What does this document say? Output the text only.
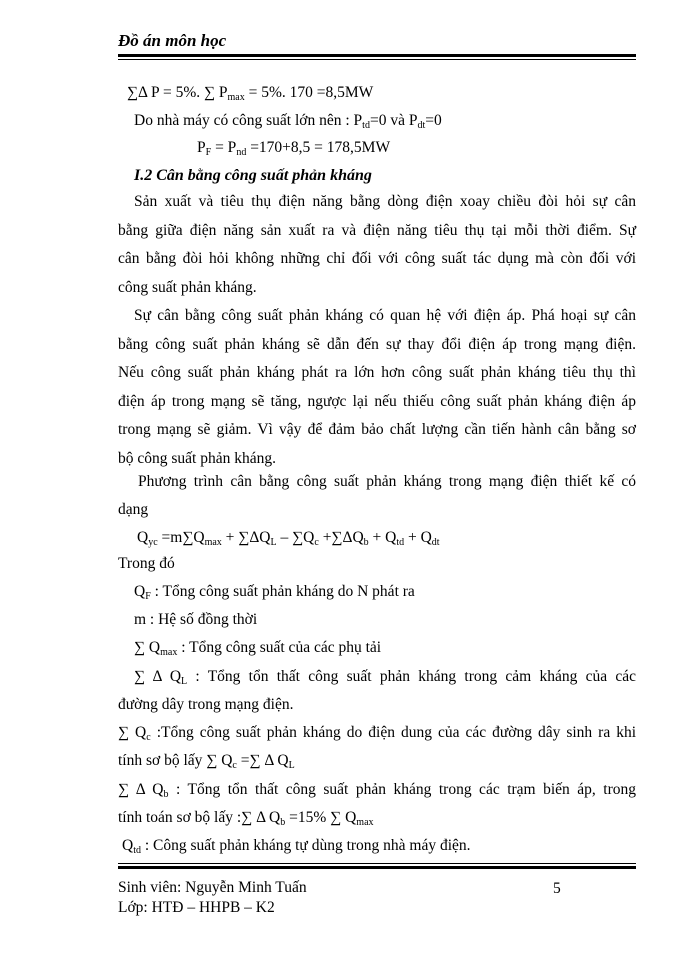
Đồ án môn học
∑Δ P = 5%. ∑ $P_{max} = 5\%$. 170 =8,5MW
Do nhà máy có công suất lớn nên : $P_{td}=0$ và $P_{dt}=0$
$P_F = P_{nd} =170+8,5 = 178,5MW$
I.2 Cân bằng công suất phản kháng
Sản xuất và tiêu thụ điện năng bằng dòng điện xoay chiều đòi hỏi sự cân
bằng giữa điện năng sản xuất ra và điện năng tiêu thụ tại mỗi thời điểm. Sự
cân bằng đòi hỏi không những chỉ đối với công suất tác dụng mà còn đối với
công suất phản kháng.
Sự cân bằng công suất phản kháng có quan hệ với điện áp. Phá hoại sự cân
bằng công suất phản kháng sẽ dẫn đến sự thay đổi điện áp trong mạng điện.
Nếu công suất phản kháng phát ra lớn hơn công suất phản kháng tiêu thụ thì
điện áp trong mạng sẽ tăng, ngược lại nếu thiếu công suất phản kháng điện áp
trong mạng sẽ giảm. Vì vậy để đảm bảo chất lượng cần tiến hành cân bằng sơ
bộ công suất phản kháng.
Phương trình cân bằng công suất phản kháng trong mạng điện thiết kế có
dạng
$Q_{yc} =m\sum Q_{max} + \sum\Delta Q_L - \sum Q_c +\sum\Delta Q_b + Q_{td} + Q_{dt}$
Trong đó
$Q_F$ : Tổng công suất phản kháng do N phát ra
m : Hệ số đồng thời
∑ $Q_{max}$ : Tổng công suất của các phụ tải
∑ Δ $Q_L$ : Tổng tổn thất công suất phản kháng trong cảm kháng của các
đường dây trong mạng điện.
∑ $Q_c$ :Tổng công suất phản kháng do điện dung của các đường dây sinh ra khi
tính sơ bộ lấy ∑ $Q_c$ =∑ Δ $Q_L$
∑ Δ $Q_b$ : Tổng tổn thất công suất phản kháng trong các trạm biến áp, trong
tính toán sơ bộ lấy :∑ Δ $Q_b =15\%$ ∑ $Q_{max}$
$Q_{td}$ : Công suất phản kháng tự dùng trong nhà máy điện.
Sinh viên: Nguyễn Minh Tuấn	5
Lớp: HTĐ – HHPB – K2
